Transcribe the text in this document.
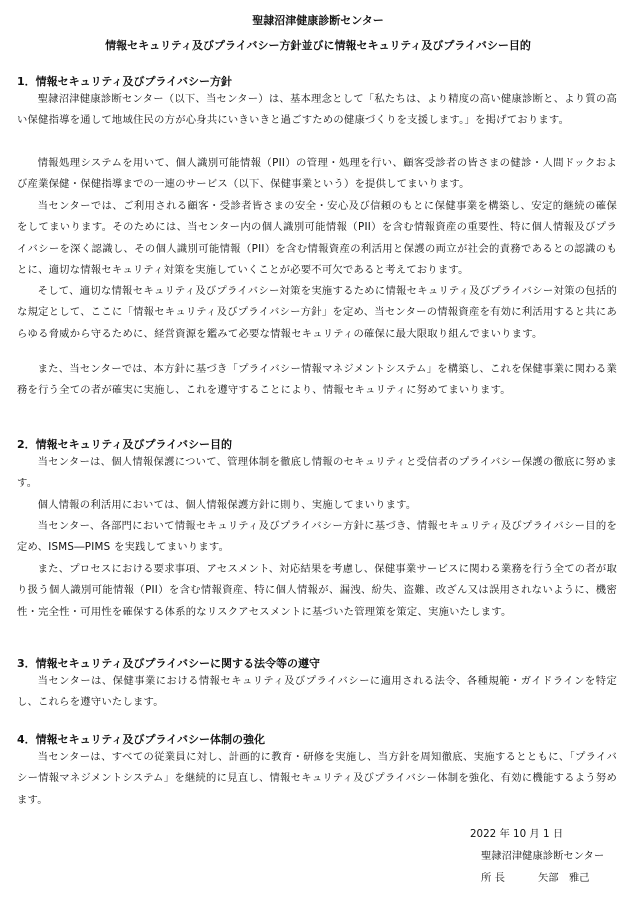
聖隷沼津健康診断センター
情報セキュリティ及びプライバシー方針並びに情報セキュリティ及びプライバシー目的
1．情報セキュリティ及びプライバシー方針
聖隷沼津健康診断センター（以下、当センター）は、基本理念として「私たちは、より精度の高い健康診断と、より質の高い保健指導を通して地域住民の方が心身共にいきいきと過ごすための健康づくりを支援します。」を掲げております。
情報処理システムを用いて、個人識別可能情報（PII）の管理・処理を行い、顧客受診者の皆さまの健診・人間ドックおよび産業保健・保健指導までの一連のサービス（以下、保健事業という）を提供してまいります。
当センターでは、ご利用される顧客・受診者皆さまの安全・安心及び信頼のもとに保健事業を構築し、安定的継続の確保をしてまいります。そのためには、当センター内の個人識別可能情報（PII）を含む情報資産の重要性、特に個人情報及びプライバシーを深く認識し、その個人識別可能情報（PII）を含む情報資産の利活用と保護の両立が社会的責務であるとの認識のもとに、適切な情報セキュリティ対策を実施していくことが必要不可欠であると考えております。
そして、適切な情報セキュリティ及びプライバシー対策を実施するために情報セキュリティ及びプライバシー対策の包括的な規定として、ここに「情報セキュリティ及びプライバシー方針」を定め、当センターの情報資産を有効に利活用すると共にあらゆる脅威から守るために、経営資源を鑑みて必要な情報セキュリティの確保に最大限取り組んでまいります。
また、当センターでは、本方針に基づき「プライバシー情報マネジメントシステム」を構築し、これを保健事業に関わる業務を行う全ての者が確実に実施し、これを遵守することにより、情報セキュリティに努めてまいります。
2．情報セキュリティ及びプライバシー目的
当センターは、個人情報保護について、管理体制を徹底し情報のセキュリティと受信者のプライバシー保護の徹底に努めます。
個人情報の利活用においては、個人情報保護方針に則り、実施してまいります。
当センター、各部門において情報セキュリティ及びプライバシー方針に基づき、情報セキュリティ及びプライバシー目的を定め、ISMS―PIMS を実践してまいります。
また、プロセスにおける要求事項、アセスメント、対応結果を考慮し、保健事業サービスに関わる業務を行う全ての者が取り扱う個人識別可能情報（PII）を含む情報資産、特に個人情報が、漏洩、紛失、盗難、改ざん又は誤用されないように、機密性・完全性・可用性を確保する体系的なリスクアセスメントに基づいた管理策を策定、実施いたします。
3．情報セキュリティ及びプライバシーに関する法令等の遵守
当センターは、保健事業における情報セキュリティ及びプライバシーに適用される法令、各種規範・ガイドラインを特定し、これらを遵守いたします。
4．情報セキュリティ及びプライバシー体制の強化
当センターは、すべての従業員に対し、計画的に教育・研修を実施し、当方針を周知徹底、実施するとともに、「プライバシー情報マネジメントシステム」を継続的に見直し、情報セキュリティ及びプライバシー体制を強化、有効に機能するよう努めます。
2022 年 10 月 1 日
聖隷沼津健康診断センター
所 長	矢部　雅己
